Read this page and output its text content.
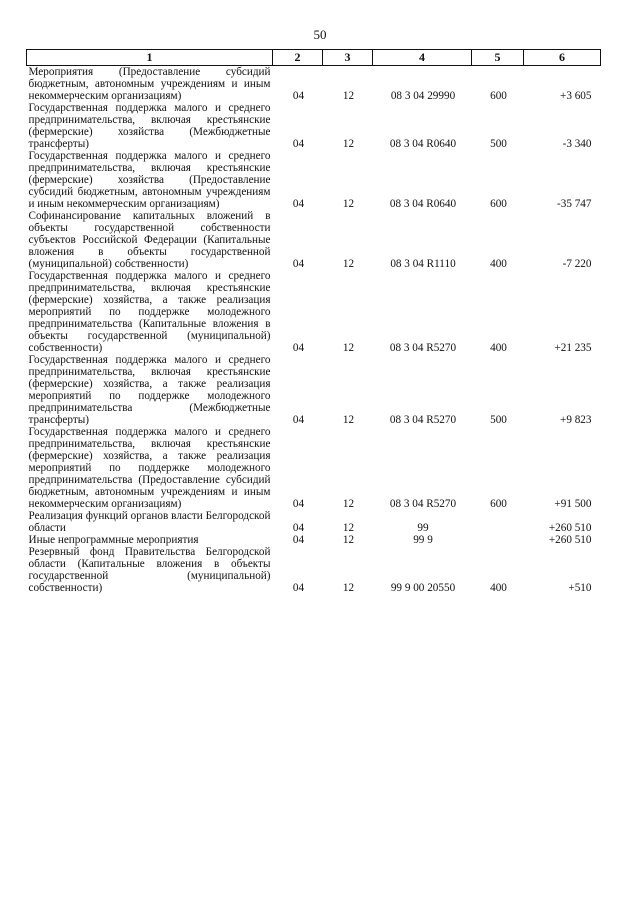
50
1	2	3	4	5	6
Мероприятия (Предоставление субсидий бюджетным, автономным учреждениям и иным некоммерческим организациям)	04	12	08 3 04 29990	600	+3 605
Государственная поддержка малого и среднего предпринимательства, включая крестьянские (фермерские) хозяйства (Межбюджетные трансферты)	04	12	08 3 04 R0640	500	-3 340
Государственная поддержка малого и среднего предпринимательства, включая крестьянские (фермерские) хозяйства (Предоставление субсидий бюджетным, автономным учреждениям и иным некоммерческим организациям)	04	12	08 3 04 R0640	600	-35 747
Софинансирование капитальных вложений в объекты государственной собственности субъектов Российской Федерации (Капитальные вложения в объекты государственной (муниципальной) собственности)	04	12	08 3 04 R1110	400	-7 220
Государственная поддержка малого и среднего предпринимательства, включая крестьянские (фермерские) хозяйства, а также реализация мероприятий по поддержке молодежного предпринимательства (Капитальные вложения в объекты государственной (муниципальной) собственности)	04	12	08 3 04 R5270	400	+21 235
Государственная поддержка малого и среднего предпринимательства, включая крестьянские (фермерские) хозяйства, а также реализация мероприятий по поддержке молодежного предпринимательства (Межбюджетные трансферты)	04	12	08 3 04 R5270	500	+9 823
Государственная поддержка малого и среднего предпринимательства, включая крестьянские (фермерские) хозяйства, а также реализация мероприятий по поддержке молодежного предпринимательства (Предоставление субсидий бюджетным, автономным учреждениям и иным некоммерческим организациям)	04	12	08 3 04 R5270	600	+91 500
Реализация функций органов власти Белгородской области	04	12	99		+260 510
Иные непрограммные мероприятия	04	12	99 9		+260 510
Резервный фонд Правительства Белгородской области (Капитальные вложения в объекты государственной (муниципальной) собственности)	04	12	99 9 00 20550	400	+510
